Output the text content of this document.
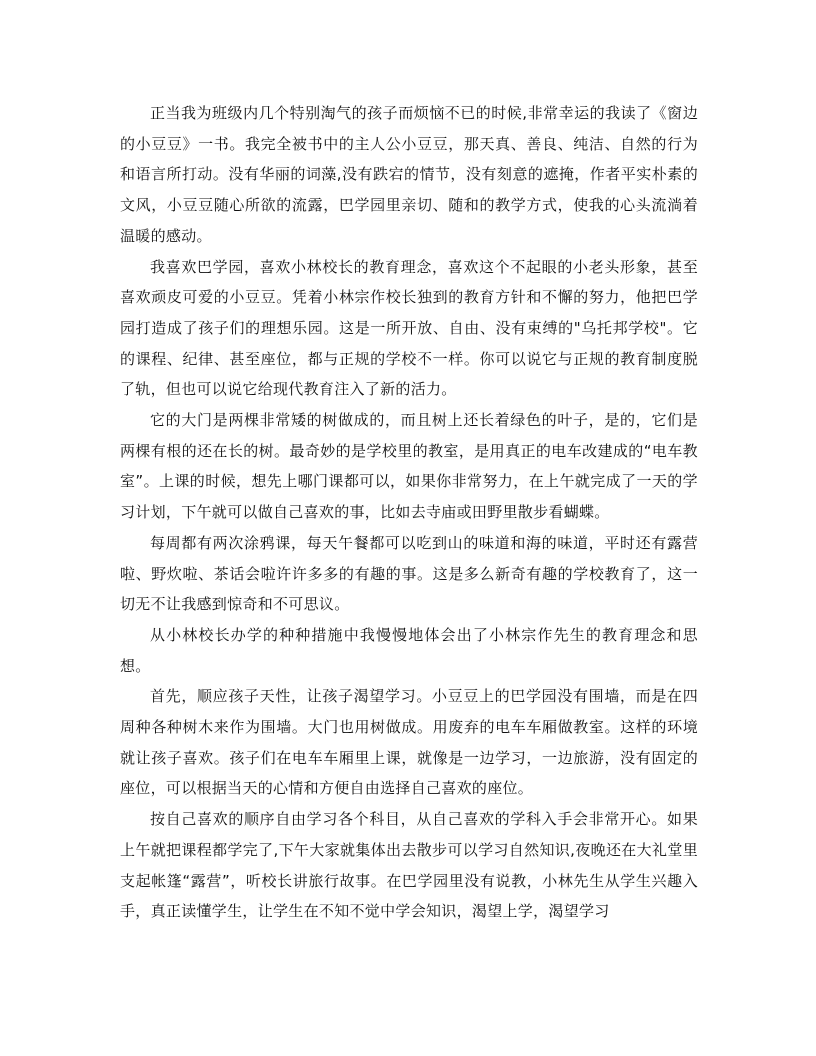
正当我为班级内几个特别淘气的孩子而烦恼不已的时候,非常幸运的我读了《窗边的小豆豆》一书。我完全被书中的主人公小豆豆，那天真、善良、纯洁、自然的行为和语言所打动。没有华丽的词藻,没有跌宕的情节，没有刻意的遮掩，作者平实朴素的文风，小豆豆随心所欲的流露，巴学园里亲切、随和的教学方式，使我的心头流淌着温暖的感动。

我喜欢巴学园，喜欢小林校长的教育理念，喜欢这个不起眼的小老头形象，甚至喜欢顽皮可爱的小豆豆。凭着小林宗作校长独到的教育方针和不懈的努力，他把巴学园打造成了孩子们的理想乐园。这是一所开放、自由、没有束缚的"乌托邦学校"。它的课程、纪律、甚至座位，都与正规的学校不一样。你可以说它与正规的教育制度脱了轨，但也可以说它给现代教育注入了新的活力。

它的大门是两棵非常矮的树做成的，而且树上还长着绿色的叶子，是的，它们是两棵有根的还在长的树。最奇妙的是学校里的教室，是用真正的电车改建成的“电车教室”。上课的时候，想先上哪门课都可以，如果你非常努力，在上午就完成了一天的学习计划，下午就可以做自己喜欢的事，比如去寺庙或田野里散步看蝴蝶。

每周都有两次涂鸦课，每天午餐都可以吃到山的味道和海的味道，平时还有露营啦、野炊啦、茶话会啦许许多多的有趣的事。这是多么新奇有趣的学校教育了，这一切无不让我感到惊奇和不可思议。

从小林校长办学的种种措施中我慢慢地体会出了小林宗作先生的教育理念和思想。

首先，顺应孩子天性，让孩子渴望学习。小豆豆上的巴学园没有围墙，而是在四周种各种树木来作为围墙。大门也用树做成。用废弃的电车车厢做教室。这样的环境就让孩子喜欢。孩子们在电车车厢里上课，就像是一边学习，一边旅游，没有固定的座位，可以根据当天的心情和方便自由选择自己喜欢的座位。

按自己喜欢的顺序自由学习各个科目，从自己喜欢的学科入手会非常开心。如果上午就把课程都学完了,下午大家就集体出去散步可以学习自然知识,夜晚还在大礼堂里支起帐篷“露营”，听校长讲旅行故事。在巴学园里没有说教，小林先生从学生兴趣入手，真正读懂学生，让学生在不知不觉中学会知识，渴望上学，渴望学习
